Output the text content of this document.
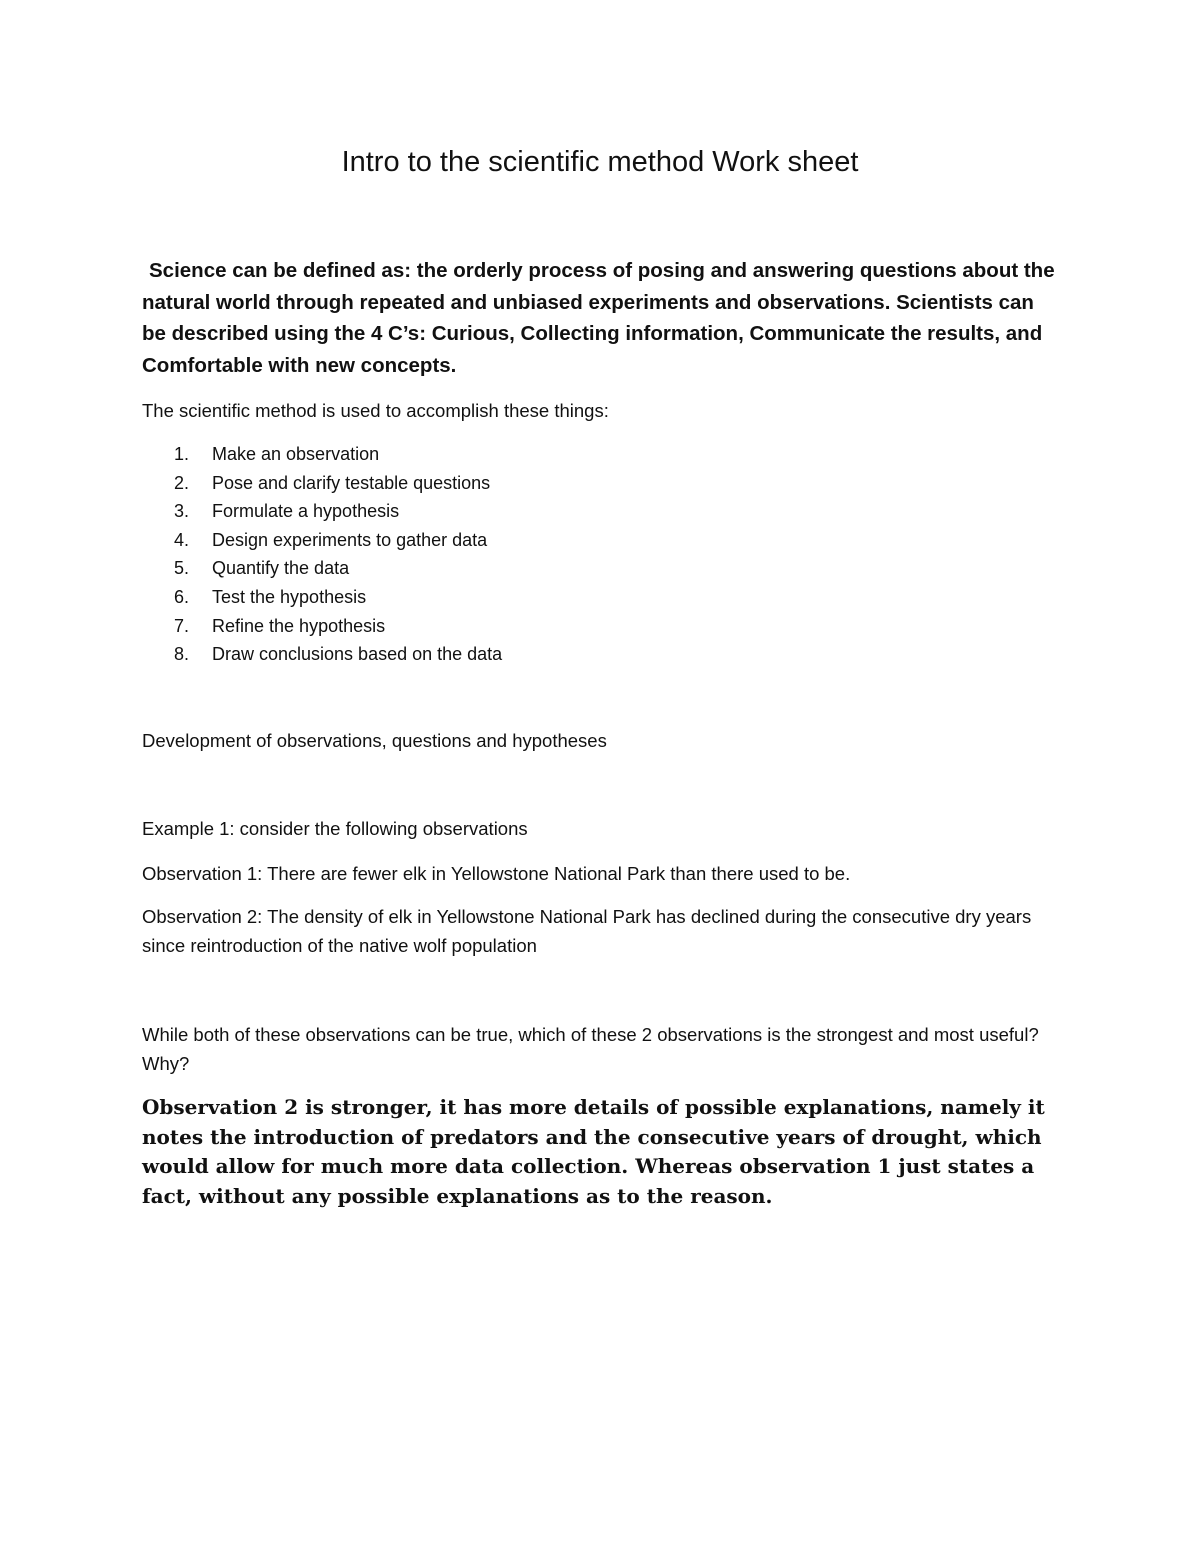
Intro to the scientific method Work sheet
Science can be defined as: the orderly process of posing and answering questions about the natural world through repeated and unbiased experiments and observations. Scientists can be described using the 4 C’s: Curious, Collecting information, Communicate the results, and Comfortable with new concepts.
The scientific method is used to accomplish these things:
1.	Make an observation
2.	Pose and clarify testable questions
3.	Formulate a hypothesis
4.	Design experiments to gather data
5.	Quantify the data
6.	Test the hypothesis
7.	Refine the hypothesis
8.	Draw conclusions based on the data
Development of observations, questions and hypotheses
Example 1: consider the following observations
Observation 1: There are fewer elk in Yellowstone National Park than there used to be.
Observation 2: The density of elk in Yellowstone National Park has declined during the consecutive dry years since reintroduction of the native wolf population
While both of these observations can be true, which of these 2 observations is the strongest and most useful? Why?
Observation 2 is stronger, it has more details of possible explanations, namely it notes the introduction of predators and the consecutive years of drought, which would allow for much more data collection. Whereas observation 1 just states a fact, without any possible explanations as to the reason.
